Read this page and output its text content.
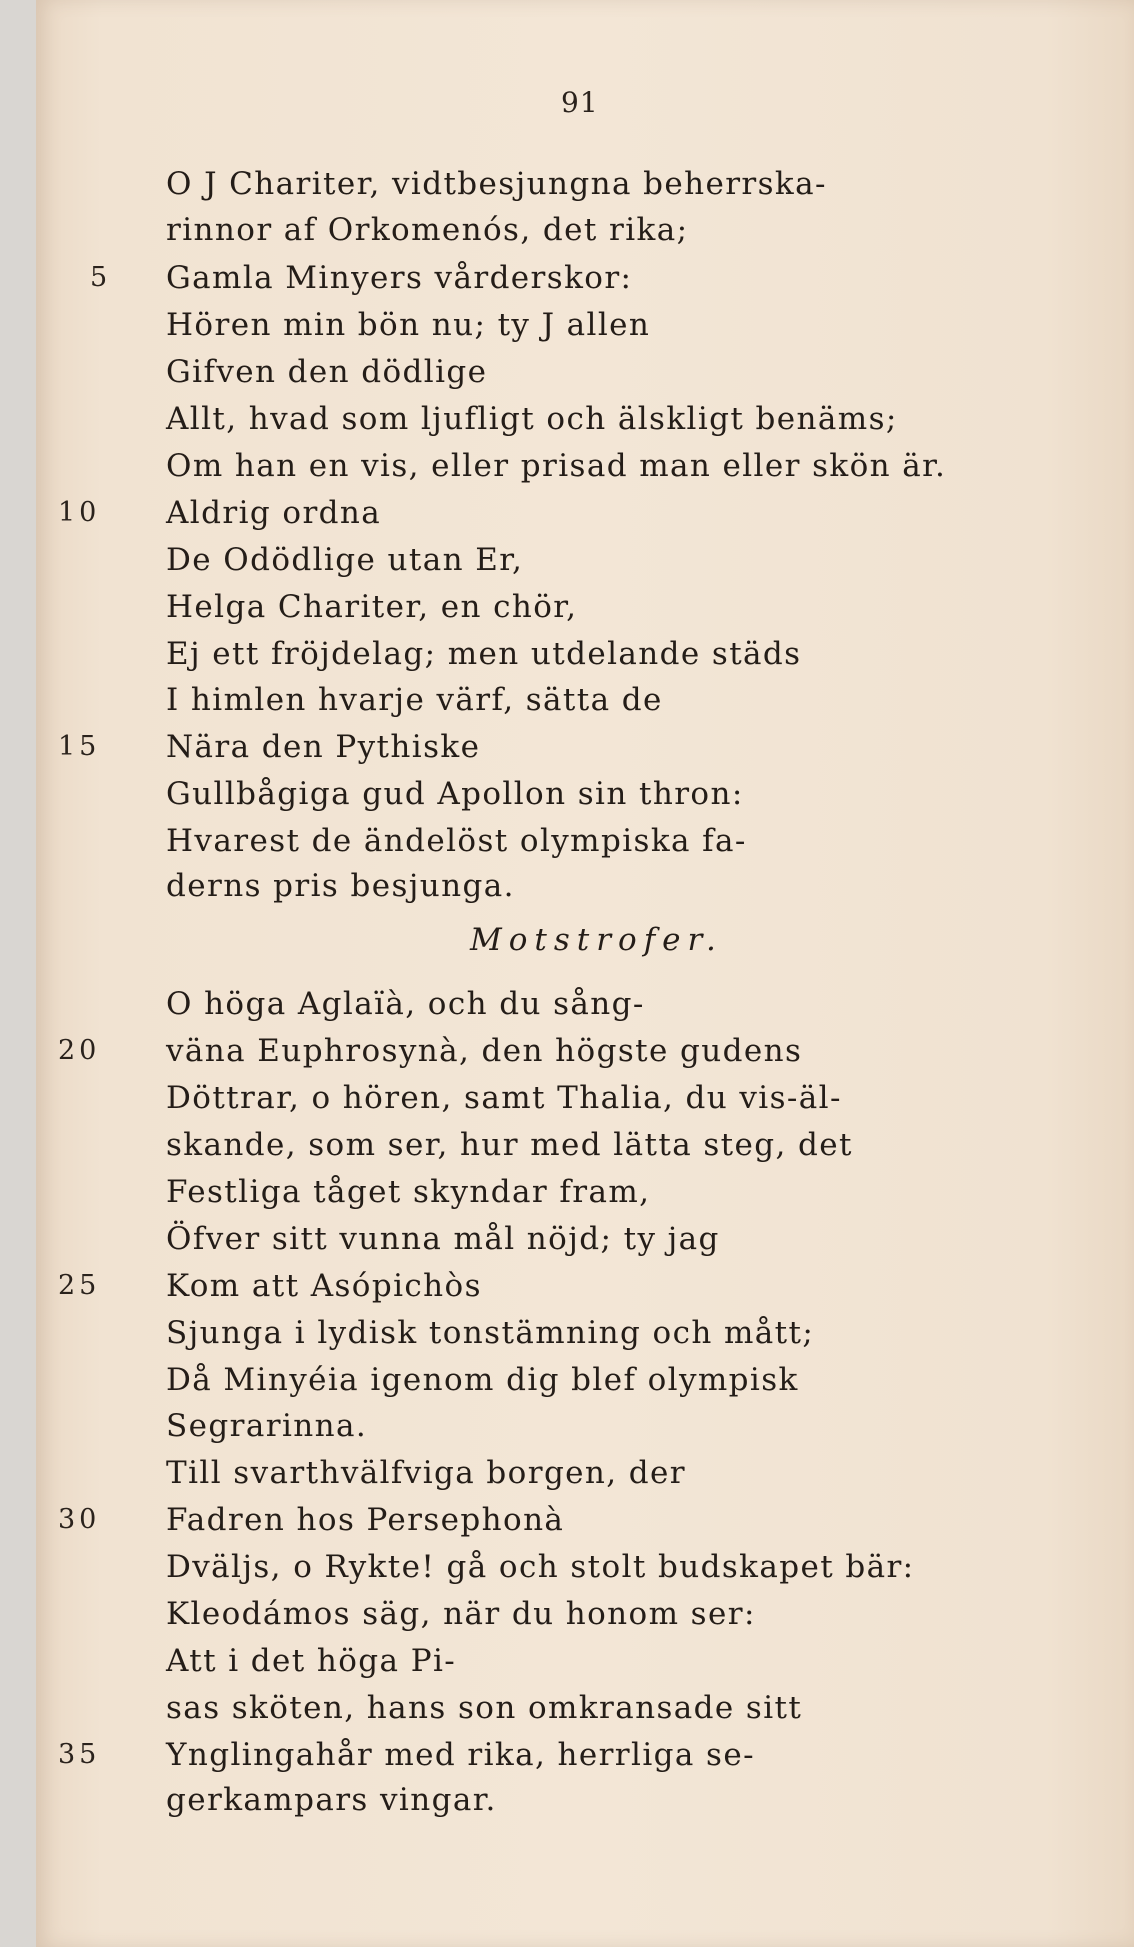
91
O J Chariter, vidtbesjungna beherrska-
rinnor af Orkomenós, det rika;
Gamla Minyers vårderskor:
Hören min bön nu; ty J allen
Gifven den dödlige
Allt, hvad som ljufligt och älskligt benäms;
Om han en vis, eller prisad man eller skön är.
Aldrig ordna
De Odödlige utan Er,
Helga Chariter, en chör,
Ej ett fröjdelag; men utdelande städs
I himlen hvarje värf, sätta de
Nära den Pythiske
Gullbågiga gud Apollon sin thron:
Hvarest de ändelöst olympiska fa-
derns pris besjunga.
Motstrofer.
O höga Aglaïà, och du sång-
väna Euphrosynà, den högste gudens
Döttrar, o hören, samt Thalia, du vis-äl-
skande, som ser, hur med lätta steg, det
Festliga tåget skyndar fram,
Öfver sitt vunna mål nöjd; ty jag
Kom att Asópichòs
Sjunga i lydisk tonstämning och mått;
Då Minyéia igenom dig blef olympisk
Segrarinna.
Till svarthvälfviga borgen, der
Fadren hos Persephonà
Dväljs, o Rykte! gå och stolt budskapet bär:
Kleodámos säg, när du honom ser:
Att i det höga Pi-
sas sköten, hans son omkransade sitt
Ynglingahår med rika, herrliga se-
gerkampars vingar.
5
10
15
20
25
30
35
